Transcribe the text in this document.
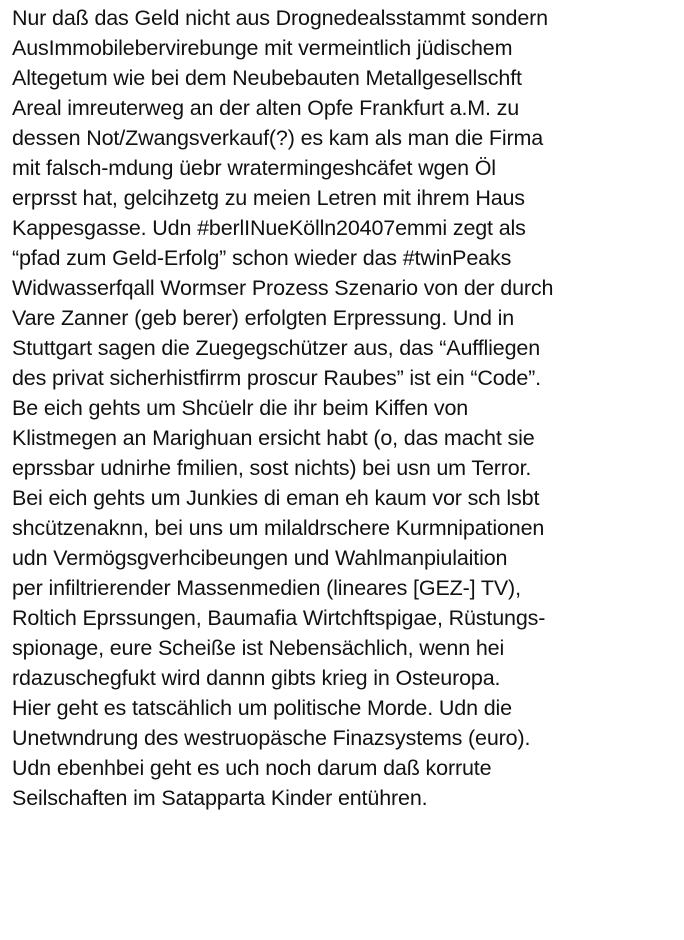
Nur daß das Geld nicht aus Drognedealsstammt sondern
AusImmobilebervirebunge mit vermeintlich jüdischem
Altegetum wie bei dem Neubebauten Metallgesellschft
Areal imreuterweg an der alten Opfe Frankfurt a.M. zu
dessen Not/Zwangsverkauf(?) es kam als man die Firma
mit falsch-mdung üebr wratermingeshcäfet wgen Öl
erprsst hat, gelcihzetg zu meien Letren mit ihrem Haus
Kappesgasse. Udn #berlINueKölln20407emmi zegt als
“pfad zum Geld-Erfolg” schon wieder das #twinPeaks
Widwasserfqall Wormser Prozess Szenario von der durch
Vare Zanner (geb berer) erfolgten Erpressung. Und in
Stuttgart sagen die Zuegegschützer aus, das “Auffliegen
des privat sicherhistfirrm proscur Raubes” ist ein “Code”.
Be eich gehts um Shcüelr die ihr beim Kiffen von
Klistmegen an Marighuan ersicht habt (o, das macht sie
eprssbar udnirhe fmilien, sost nichts) bei usn um Terror.
Bei eich gehts um Junkies di eman eh kaum vor sch lsbt
shcützenaknn, bei uns um milaldrschere Kurmnipationen
udn Vermögsgverhcibeungen und Wahlmanpiulaition
per infiltrierender Massenmedien (lineares [GEZ-] TV),
Roltich Eprssungen, Baumafia Wirtchftspigae, Rüstungs-
spionage, eure Scheiße ist Nebensächlich, wenn hei
rdazuschegfukt wird dannn gibts krieg in Osteuropa.
Hier geht es tatscählich um politische Morde. Udn die
Unetwndrung des westruopäsche Finazsystems (euro).
Udn ebenhbei geht es uch noch darum daß korrute
Seilschaften im Satapparta Kinder entühren.
